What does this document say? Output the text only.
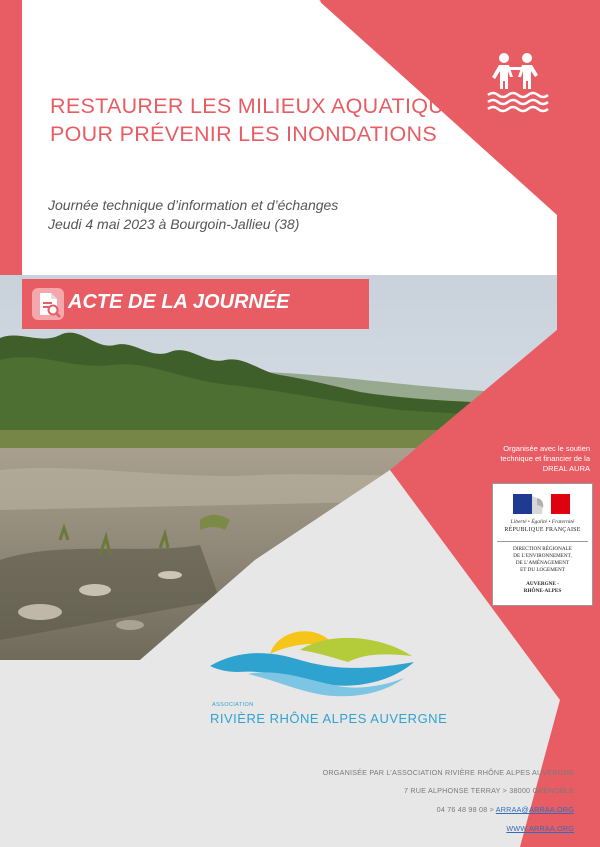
RESTAURER LES MILIEUX AQUATIQUES
POUR PRÉVENIR LES INONDATIONS
Journée technique d’information et d’échanges
Jeudi 4 mai 2023 à Bourgoin-Jallieu (38)
ACTE DE LA JOURNÉE
Organisée avec le soutien
technique et financier de la
DREAL AURA
Liberté • Égalité • Fraternité
RÉPUBLIQUE FRANÇAISE
DIRECTION RÉGIONALE
DE L’ENVIRONNEMENT,
DE L’AMÉNAGEMENT
ET DU LOGEMENT
AUVERGNE -
RHÔNE-ALPES
ASSOCIATION
RIVIÈRE RHÔNE ALPES AUVERGNE
ORGANISÉE PAR L’ASSOCIATION RIVIÈRE RHÔNE ALPES AUVERGNE
7 RUE ALPHONSE TERRAY > 38000 GRENOBLE
04 76 48 98 08 > ARRAA@ARRAA.ORG
WWW.ARRAA.ORG
